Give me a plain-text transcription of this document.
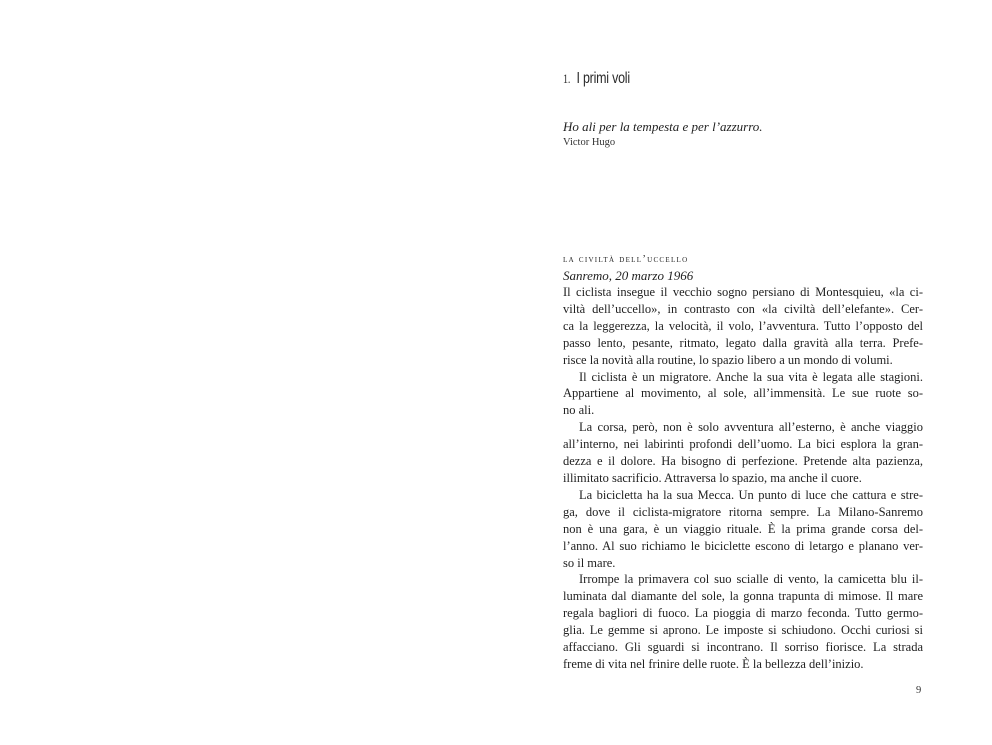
1. I primi voli

Ho ali per la tempesta e per l’azzurro.

Victor Hugo

la civiltà dell’uccello

Sanremo, 20 marzo 1966

Il ciclista insegue il vecchio sogno persiano di Montesquieu, «la ci-
viltà dell’uccello», in contrasto con «la civiltà dell’elefante». Cer-
ca la leggerezza, la velocità, il volo, l’avventura. Tutto l’opposto del
passo lento, pesante, ritmato, legato dalla gravità alla terra. Prefe-
risce la novità alla routine, lo spazio libero a un mondo di volumi.

Il ciclista è un migratore. Anche la sua vita è legata alle stagioni.
Appartiene al movimento, al sole, all’immensità. Le sue ruote so-
no ali.

La corsa, però, non è solo avventura all’esterno, è anche viaggio
all’interno, nei labirinti profondi dell’uomo. La bici esplora la gran-
dezza e il dolore. Ha bisogno di perfezione. Pretende alta pazienza,
illimitato sacrificio. Attraversa lo spazio, ma anche il cuore.

La bicicletta ha la sua Mecca. Un punto di luce che cattura e stre-
ga, dove il ciclista-migratore ritorna sempre. La Milano-Sanremo
non è una gara, è un viaggio rituale. È la prima grande corsa del-
l’anno. Al suo richiamo le biciclette escono di letargo e planano ver-
so il mare.

Irrompe la primavera col suo scialle di vento, la camicetta blu il-
luminata dal diamante del sole, la gonna trapunta di mimose. Il mare
regala bagliori di fuoco. La pioggia di marzo feconda. Tutto germo-
glia. Le gemme si aprono. Le imposte si schiudono. Occhi curiosi si
affacciano. Gli sguardi si incontrano. Il sorriso fiorisce. La strada
freme di vita nel frinire delle ruote. È la bellezza dell’inizio.

9
